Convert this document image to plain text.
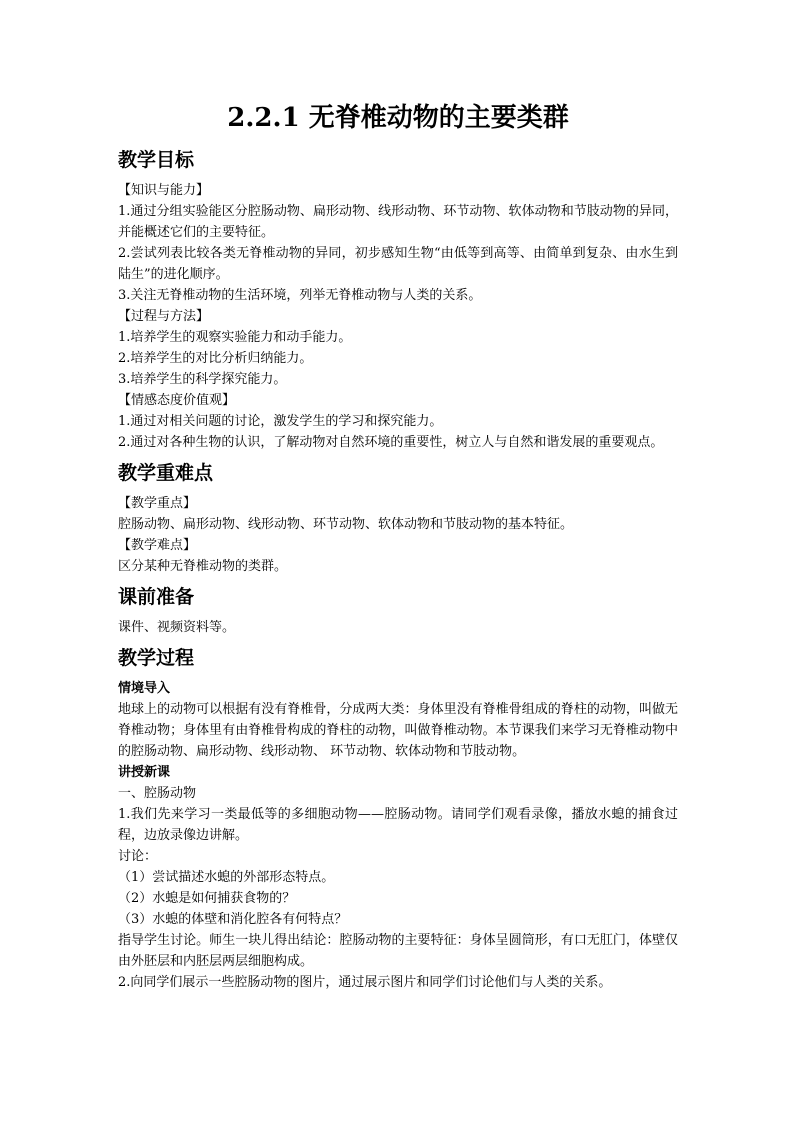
2.2.1 无脊椎动物的主要类群
教学目标

【知识与能力】

1.通过分组实验能区分腔肠动物、扁形动物、线形动物、环节动物、软体动物和节肢动物的异同，并能概述它们的主要特征。

2.尝试列表比较各类无脊椎动物的异同，初步感知生物“由低等到高等、由简单到复杂、由水生到陆生”的进化顺序。

3.关注无脊椎动物的生活环境，列举无脊椎动物与人类的关系。

【过程与方法】

1.培养学生的观察实验能力和动手能力。

2.培养学生的对比分析归纳能力。

3.培养学生的科学探究能力。

【情感态度价值观】

1.通过对相关问题的讨论，激发学生的学习和探究能力。

2.通过对各种生物的认识，了解动物对自然环境的重要性，树立人与自然和谐发展的重要观点。

教学重难点

【教学重点】

腔肠动物、扁形动物、线形动物、环节动物、软体动物和节肢动物的基本特征。

【教学难点】

区分某种无脊椎动物的类群。

课前准备

课件、视频资料等。

教学过程

情境导入

地球上的动物可以根据有没有脊椎骨，分成两大类：身体里没有脊椎骨组成的脊柱的动物，叫做无脊椎动物；身体里有由脊椎骨构成的脊柱的动物，叫做脊椎动物。本节课我们来学习无脊椎动物中的腔肠动物、扁形动物、线形动物、 环节动物、软体动物和节肢动物。

讲授新课

一、腔肠动物

1.我们先来学习一类最低等的多细胞动物——腔肠动物。请同学们观看录像，播放水螅的捕食过程，边放录像边讲解。

讨论：

（1）尝试描述水螅的外部形态特点。

（2）水螅是如何捕获食物的？

（3）水螅的体壁和消化腔各有何特点？

指导学生讨论。师生一块儿得出结论：腔肠动物的主要特征：身体呈圆筒形，有口无肛门，体壁仅由外胚层和内胚层两层细胞构成。

2.向同学们展示一些腔肠动物的图片，通过展示图片和同学们讨论他们与人类的关系。
